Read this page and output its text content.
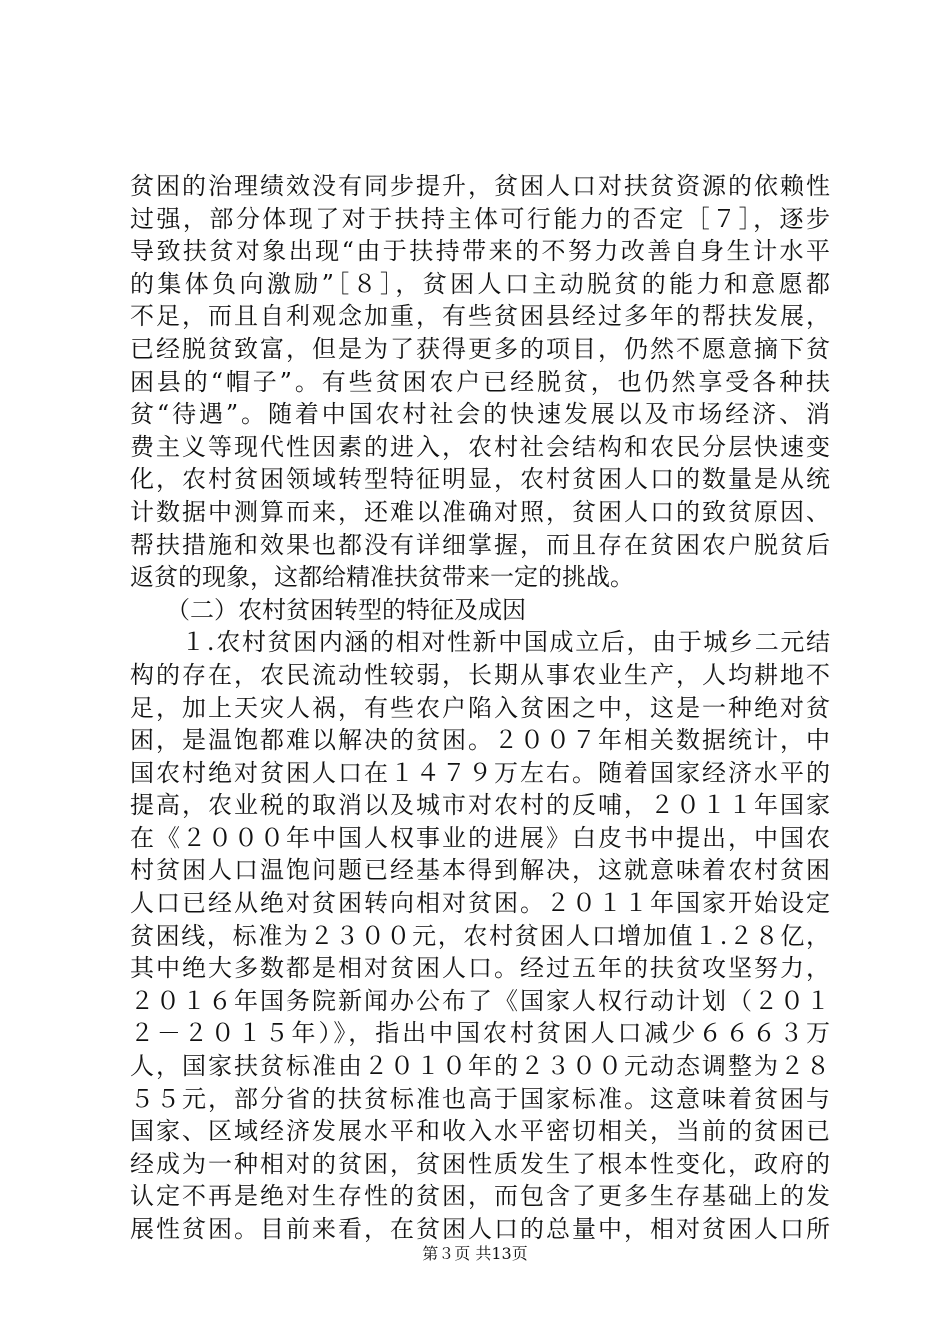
贫困的治理绩效没有同步提升，贫困人口对扶贫资源的依赖性
过强，部分体现了对于扶持主体可行能力的否定［７］，逐步
导致扶贫对象出现“由于扶持带来的不努力改善自身生计水平
的集体负向激励”［８］，贫困人口主动脱贫的能力和意愿都
不足，而且自利观念加重，有些贫困县经过多年的帮扶发展，
已经脱贫致富，但是为了获得更多的项目，仍然不愿意摘下贫
困县的“帽子”。有些贫困农户已经脱贫，也仍然享受各种扶
贫“待遇”。随着中国农村社会的快速发展以及市场经济、消
费主义等现代性因素的进入，农村社会结构和农民分层快速变
化，农村贫困领域转型特征明显，农村贫困人口的数量是从统
计数据中测算而来，还难以准确对照，贫困人口的致贫原因、
帮扶措施和效果也都没有详细掌握，而且存在贫困农户脱贫后
返贫的现象，这都给精准扶贫带来一定的挑战。
　　（二）农村贫困转型的特征及成因
　　１.农村贫困内涵的相对性新中国成立后，由于城乡二元结
构的存在，农民流动性较弱，长期从事农业生产，人均耕地不
足，加上天灾人祸，有些农户陷入贫困之中，这是一种绝对贫
困，是温饱都难以解决的贫困。２００７年相关数据统计，中
国农村绝对贫困人口在１４７９万左右。随着国家经济水平的
提高，农业税的取消以及城市对农村的反哺，２０１１年国家
在《２０００年中国人权事业的进展》白皮书中提出，中国农
村贫困人口温饱问题已经基本得到解决，这就意味着农村贫困
人口已经从绝对贫困转向相对贫困。２０１１年国家开始设定
贫困线，标准为２３００元，农村贫困人口增加值１.２８亿，
其中绝大多数都是相对贫困人口。经过五年的扶贫攻坚努力，
２０１６年国务院新闻办公布了《国家人权行动计划（２０１
２－２０１５年）》，指出中国农村贫困人口减少６６６３万
人，国家扶贫标准由２０１０年的２３００元动态调整为２８
５５元，部分省的扶贫标准也高于国家标准。这意味着贫困与
国家、区域经济发展水平和收入水平密切相关，当前的贫困已
经成为一种相对的贫困，贫困性质发生了根本性变化，政府的
认定不再是绝对生存性的贫困，而包含了更多生存基础上的发
展性贫困。目前来看，在贫困人口的总量中，相对贫困人口所
第３页 共13页
